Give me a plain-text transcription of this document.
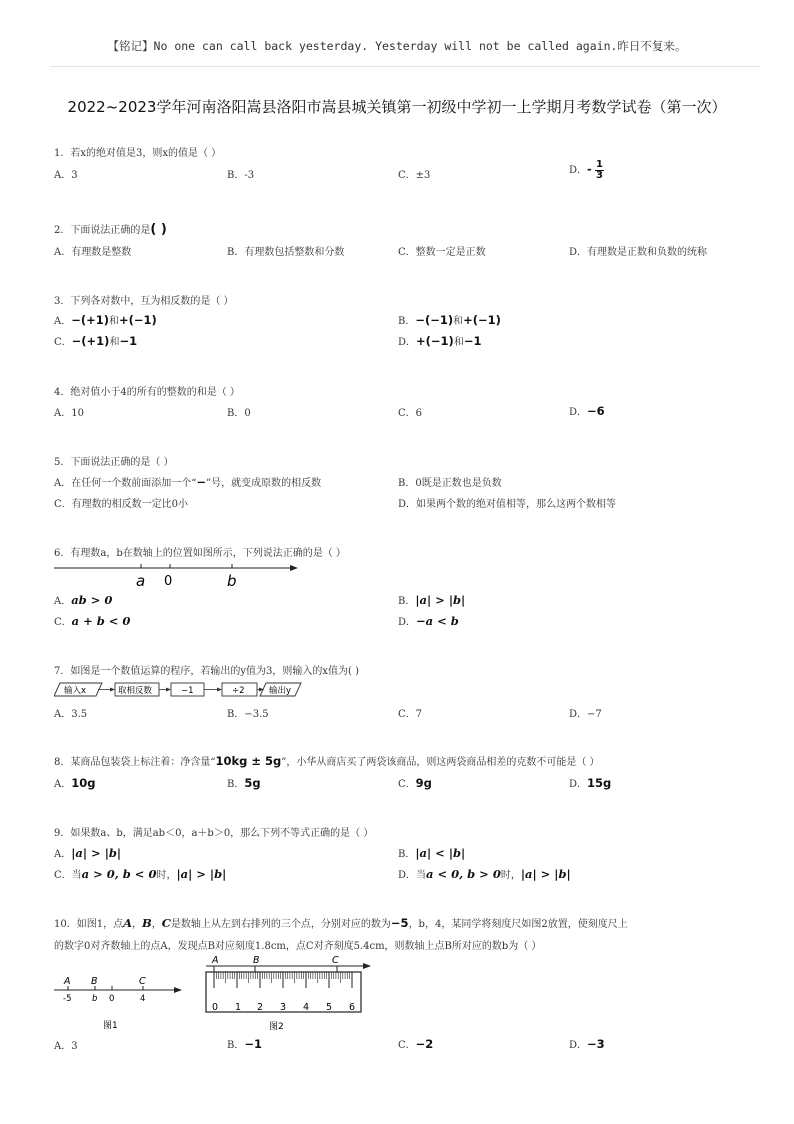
【铭记】No one can call back yesterday. Yesterday will not be called again.昨日不复来。
2022~2023学年河南洛阳嵩县洛阳市嵩县城关镇第一初级中学初一上学期月考数学试卷（第一次）
1．若x的绝对值是3，则x的值是（ ）
A．3	B．-3	C．±3	D．- $\frac{1}{3}$
2．下面说法正确的是( )
A．有理数是整数	B．有理数包括整数和分数	C．整数一定是正数	D．有理数是正数和负数的统称
3．下列各对数中，互为相反数的是（ ）
A．−(+1)和+(−1)	B．−(−1)和+(−1)
C．−(+1)和−1	D．+(−1)和−1
4．绝对值小于4的所有的整数的和是（ ）
A．10	B．0	C．6	D．−6
5．下面说法正确的是（ ）
A．在任何一个数前面添加一个“−”号，就变成原数的相反数	B．0既是正数也是负数
C．有理数的相反数一定比0小	D．如果两个数的绝对值相等，那么这两个数相等
6．有理数a，b在数轴上的位置如图所示，下列说法正确的是（ ）
a 0	b
A．ab > 0	B．|a| > |b|
C．a + b < 0	D．−a < b
7．如图是一个数值运算的程序，若输出的y值为3，则输入的x值为( )
输入x	取相反数	−1	÷2	输出y
A．3.5	B．−3.5	C．7	D．−7
8．某商品包装袋上标注着：净含量“10kg ± 5g”，小华从商店买了两袋该商品，则这两袋商品相差的克数不可能是（ ）
A．10g	B．5g	C．9g	D．15g
9．如果数a、b，满足ab＜0，a＋b＞0，那么下列不等式正确的是（ ）
A．|a| > |b|	B．|a| < |b|
C．当a > 0, b < 0时，|a| > |b|	D．当a < 0, b > 0时，|a| > |b|
10．如图1，点A，B，C是数轴上从左到右排列的三个点，分别对应的数为−5，b，4，某同学将刻度尺如图2放置，使刻度尺上
的数字0对齐数轴上的点A，发现点B对应刻度1.8cm，点C对齐刻度5.4cm，则数轴上点B所对应的数b为（ ）
A B	C
-5 b 0	4
图1
A	B	C
0 1 2 3 4 5 6
图2
A．3	B．−1	C．−2	D．−3
